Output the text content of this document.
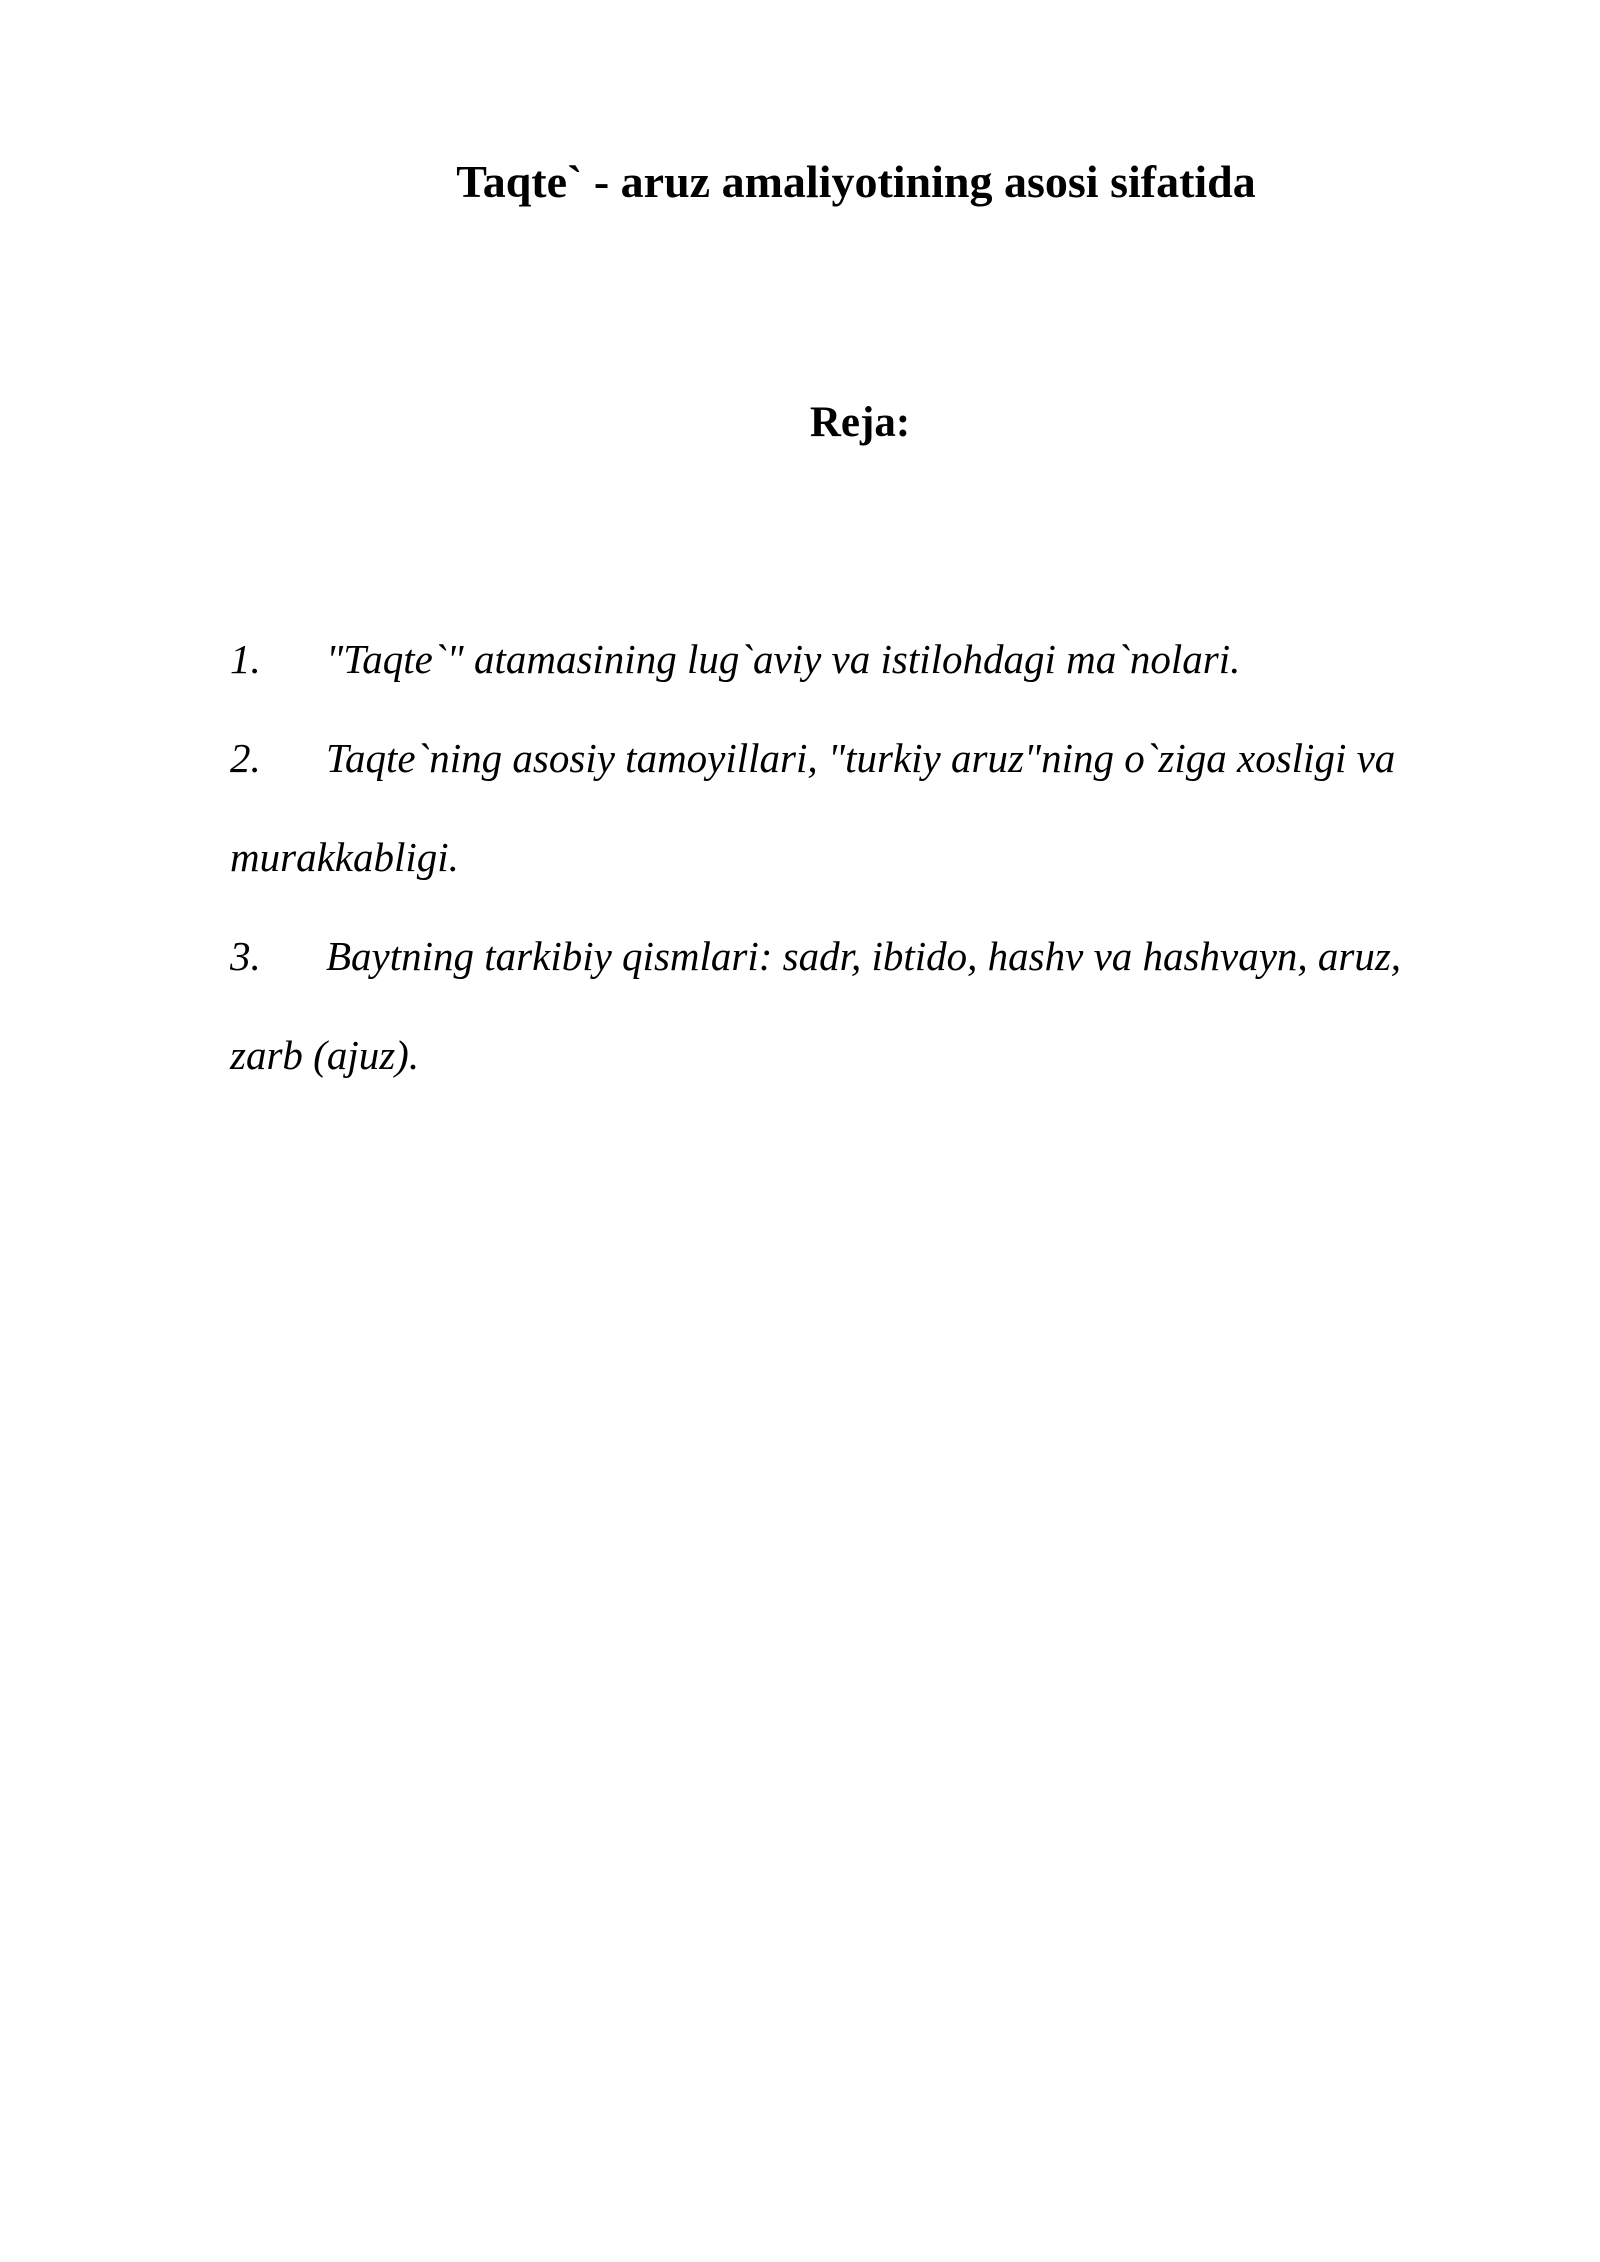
Taqte` - aruz amaliyotining asosi sifatida
Reja:

1. "Taqte`" atamasining lug`aviy va istilohdagi ma`nolari.

2. Taqte`ning asosiy tamoyillari, "turkiy aruz"ning o`ziga xosligi va
murakkabligi.

3. Baytning tarkibiy qismlari: sadr, ibtido, hashv va hashvayn, aruz,
zarb (ajuz).
